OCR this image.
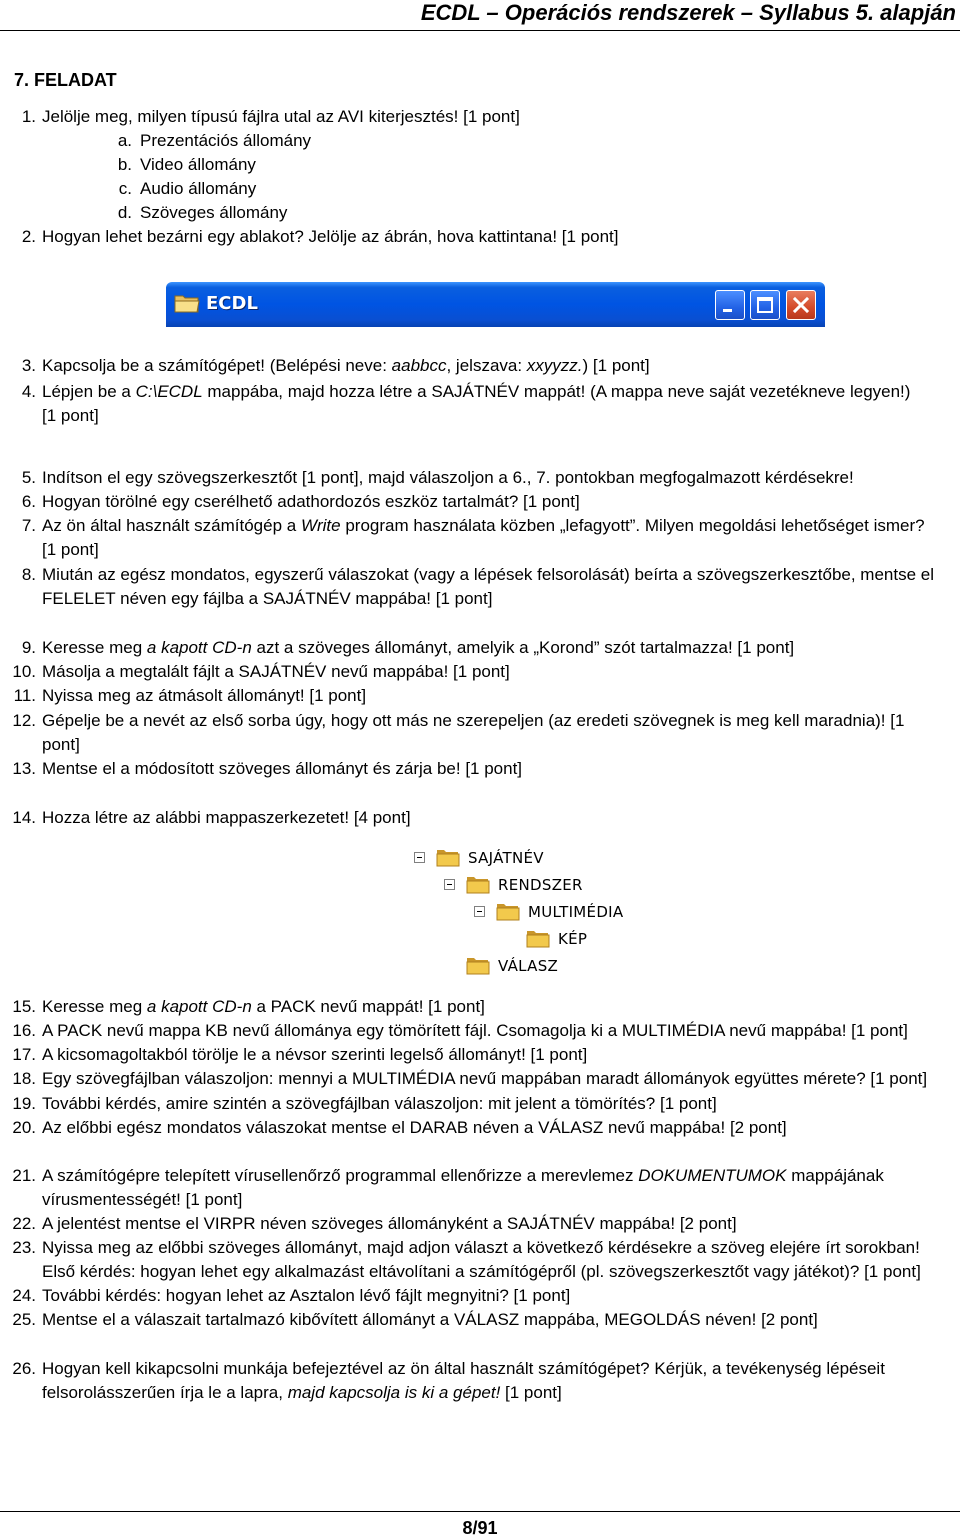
ECDL – Operációs rendszerek – Syllabus 5. alapján
7. FELADAT
1. Jelölje meg, milyen típusú fájlra utal az AVI kiterjesztés! [1 pont]
a. Prezentációs állomány
b. Video állomány
c. Audio állomány
d. Szöveges állomány
2. Hogyan lehet bezárni egy ablakot? Jelölje az ábrán, hova kattintana! [1 pont]
ECDL
3. Kapcsolja be a számítógépet! (Belépési neve: aabbcc, jelszava: xxyyzz.) [1 pont]
4. Lépjen be a C:\ECDL mappába, majd hozza létre a SAJÁTNÉV mappát! (A mappa neve saját vezetékneve legyen!)
[1 pont]
5. Indítson el egy szövegszerkesztőt [1 pont], majd válaszoljon a 6., 7. pontokban megfogalmazott kérdésekre!
6. Hogyan törölné egy cserélhető adathordozós eszköz tartalmát? [1 pont]
7. Az ön által használt számítógép a Write program használata közben „lefagyott”. Milyen megoldási lehetőséget ismer?
[1 pont]
8. Miután az egész mondatos, egyszerű válaszokat (vagy a lépések felsorolását) beírta a szövegszerkesztőbe, mentse el
FELELET néven egy fájlba a SAJÁTNÉV mappába! [1 pont]
9. Keresse meg a kapott CD-n azt a szöveges állományt, amelyik a „Korond” szót tartalmazza! [1 pont]
10. Másolja a megtalált fájlt a SAJÁTNÉV nevű mappába! [1 pont]
11. Nyissa meg az átmásolt állományt! [1 pont]
12. Gépelje be a nevét az első sorba úgy, hogy ott más ne szerepeljen (az eredeti szövegnek is meg kell maradnia)! [1
pont]
13. Mentse el a módosított szöveges állományt és zárja be! [1 pont]
14. Hozza létre az alábbi mappaszerkezetet! [4 pont]
SAJÁTNÉV
RENDSZER
MULTIMÉDIA
KÉP
VÁLASZ
15. Keresse meg a kapott CD-n a PACK nevű mappát! [1 pont]
16. A PACK nevű mappa KB nevű állománya egy tömörített fájl. Csomagolja ki a MULTIMÉDIA nevű mappába! [1 pont]
17. A kicsomagoltakból törölje le a névsor szerinti legelső állományt! [1 pont]
18. Egy szövegfájlban válaszoljon: mennyi a MULTIMÉDIA nevű mappában maradt állományok együttes mérete? [1 pont]
19. További kérdés, amire szintén a szövegfájlban válaszoljon: mit jelent a tömörítés? [1 pont]
20. Az előbbi egész mondatos válaszokat mentse el DARAB néven a VÁLASZ nevű mappába! [2 pont]
21. A számítógépre telepített vírusellenőrző programmal ellenőrizze a merevlemez DOKUMENTUMOK mappájának
vírusmentességét! [1 pont]
22. A jelentést mentse el VIRPR néven szöveges állományként a SAJÁTNÉV mappába! [2 pont]
23. Nyissa meg az előbbi szöveges állományt, majd adjon választ a következő kérdésekre a szöveg elejére írt sorokban!
Első kérdés: hogyan lehet egy alkalmazást eltávolítani a számítógépről (pl. szövegszerkesztőt vagy játékot)? [1 pont]
24. További kérdés: hogyan lehet az Asztalon lévő fájlt megnyitni? [1 pont]
25. Mentse el a válaszait tartalmazó kibővített állományt a VÁLASZ mappába, MEGOLDÁS néven! [2 pont]
26. Hogyan kell kikapcsolni munkája befejeztével az ön által használt számítógépet? Kérjük, a tevékenység lépéseit
felsorolásszerűen írja le a lapra, majd kapcsolja is ki a gépet! [1 pont]
8/91
